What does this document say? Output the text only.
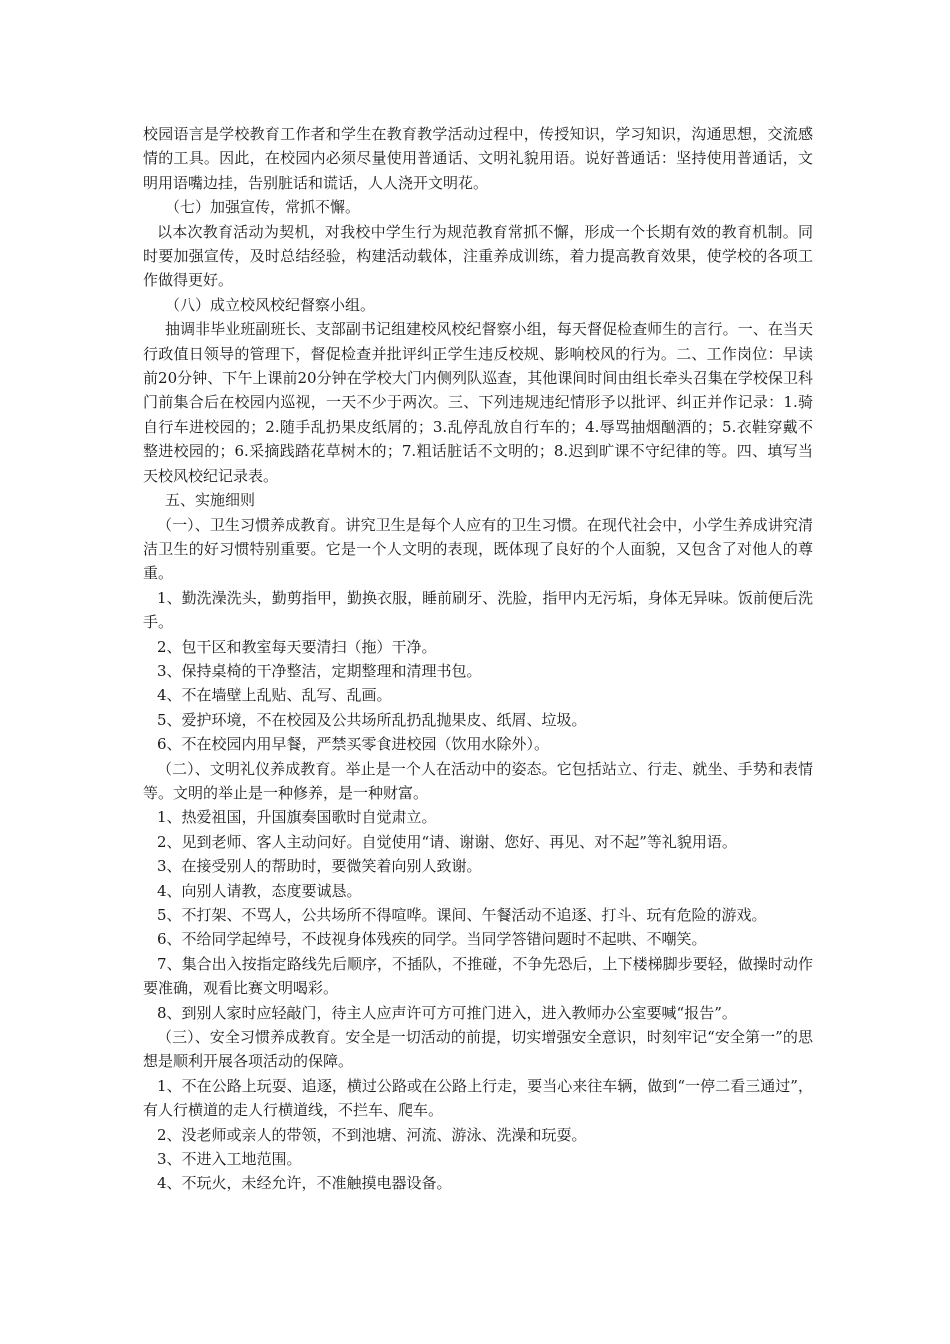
校园语言是学校教育工作者和学生在教育教学活动过程中，传授知识，学习知识，沟通思想，交流感情的工具。因此，在校园内必须尽量使用普通话、文明礼貌用语。说好普通话：坚持使用普通话，文明用语嘴边挂，告别脏话和谎话，人人浇开文明花。

（七）加强宣传，常抓不懈。

以本次教育活动为契机，对我校中学生行为规范教育常抓不懈，形成一个长期有效的教育机制。同时要加强宣传，及时总结经验，构建活动载体，注重养成训练，着力提高教育效果，使学校的各项工作做得更好。

（八）成立校风校纪督察小组。

抽调非毕业班副班长、支部副书记组建校风校纪督察小组，每天督促检查师生的言行。一、在当天行政值日领导的管理下，督促检查并批评纠正学生违反校规、影响校风的行为。二、工作岗位：早读前20分钟、下午上课前20分钟在学校大门内侧列队巡查，其他课间时间由组长牵头召集在学校保卫科门前集合后在校园内巡视，一天不少于两次。三、下列违规违纪情形予以批评、纠正并作记录：1.骑自行车进校园的；2.随手乱扔果皮纸屑的；3.乱停乱放自行车的；4.辱骂抽烟酗酒的；5.衣鞋穿戴不整进校园的；6.采摘践踏花草树木的；7.粗话脏话不文明的；8.迟到旷课不守纪律的等。四、填写当天校风校纪记录表。

五、实施细则

（一）、卫生习惯养成教育。讲究卫生是每个人应有的卫生习惯。在现代社会中，小学生养成讲究清洁卫生的好习惯特别重要。它是一个人文明的表现，既体现了良好的个人面貌，又包含了对他人的尊重。

1、勤洗澡洗头，勤剪指甲，勤换衣服，睡前刷牙、洗脸，指甲内无污垢，身体无异味。饭前便后洗手。

2、包干区和教室每天要清扫（拖）干净。

3、保持桌椅的干净整洁，定期整理和清理书包。

4、不在墙壁上乱贴、乱写、乱画。

5、爱护环境，不在校园及公共场所乱扔乱抛果皮、纸屑、垃圾。

6、不在校园内用早餐，严禁买零食进校园（饮用水除外）。

（二）、文明礼仪养成教育。举止是一个人在活动中的姿态。它包括站立、行走、就坐、手势和表情等。文明的举止是一种修养，是一种财富。

1、热爱祖国，升国旗奏国歌时自觉肃立。

2、见到老师、客人主动问好。自觉使用“请、谢谢、您好、再见、对不起”等礼貌用语。

3、在接受别人的帮助时，要微笑着向别人致谢。

4、向别人请教，态度要诚恳。

5、不打架、不骂人，公共场所不得喧哗。课间、午餐活动不追逐、打斗、玩有危险的游戏。

6、不给同学起绰号，不歧视身体残疾的同学。当同学答错问题时不起哄、不嘲笑。

7、集合出入按指定路线先后顺序，不插队，不推碰，不争先恐后，上下楼梯脚步要轻，做操时动作要准确，观看比赛文明喝彩。

8、到别人家时应轻敲门，待主人应声许可方可推门进入，进入教师办公室要喊“报告”。

（三）、安全习惯养成教育。安全是一切活动的前提，切实增强安全意识，时刻牢记“安全第一”的思想是顺利开展各项活动的保障。

1、不在公路上玩耍、追逐，横过公路或在公路上行走，要当心来往车辆，做到“一停二看三通过”，有人行横道的走人行横道线，不拦车、爬车。

2、没老师或亲人的带领，不到池塘、河流、游泳、洗澡和玩耍。

3、不进入工地范围。

4、不玩火，未经允许，不准触摸电器设备。
